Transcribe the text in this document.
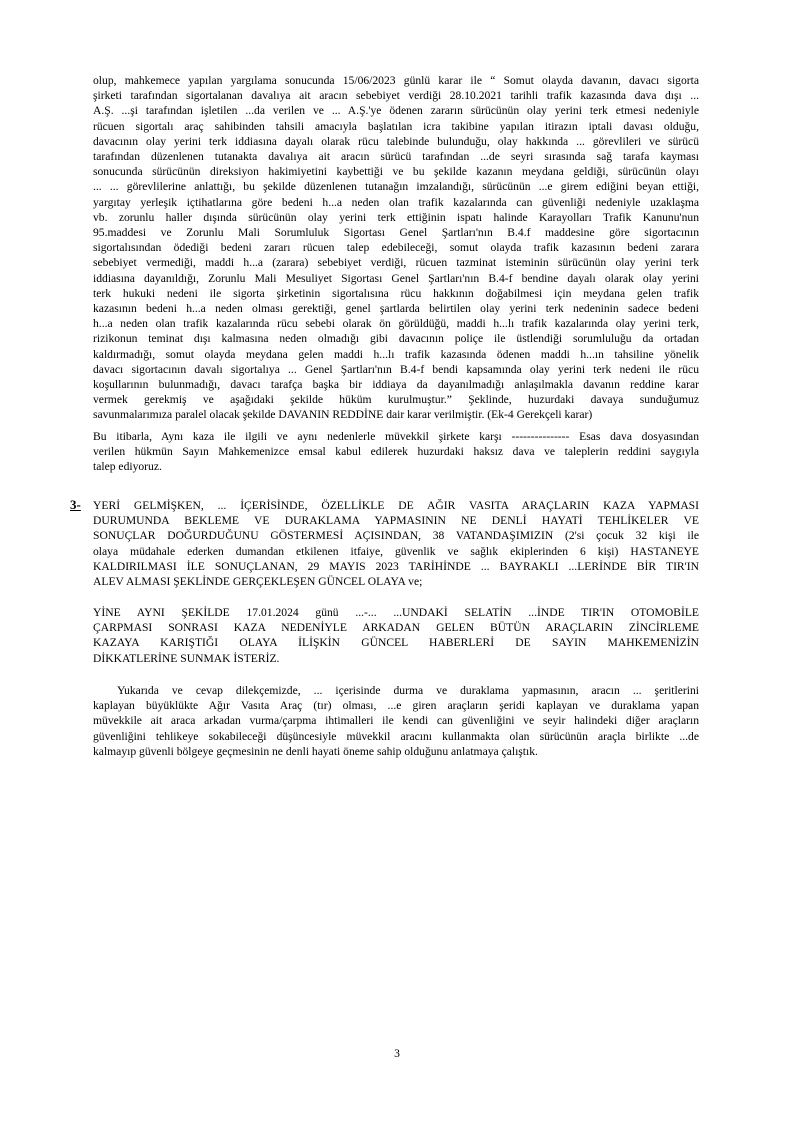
olup, mahkemece yapılan yargılama sonucunda 15/06/2023 günlü karar ile “ Somut olayda davanın, davacı sigorta
şirketi tarafından sigortalanan davalıya ait aracın sebebiyet verdiği 28.10.2021 tarihli trafik kazasında dava dışı ...
A.Ş. ...şi tarafından işletilen ...da verilen ve ... A.Ş.'ye ödenen zararın sürücünün olay yerini terk etmesi nedeniyle
rücuen sigortalı araç sahibinden tahsili amacıyla başlatılan icra takibine yapılan itirazın iptali davası olduğu,
davacının olay yerini terk iddiasına dayalı olarak rücu talebinde bulunduğu, olay hakkında ... görevlileri ve sürücü
tarafından düzenlenen tutanakta davalıya ait aracın sürücü tarafından ...de seyri sırasında sağ tarafa kayması
sonucunda sürücünün direksiyon hakimiyetini kaybettiği ve bu şekilde kazanın meydana geldiği, sürücünün olayı
... ... görevlilerine anlattığı, bu şekilde düzenlenen tutanağın imzalandığı, sürücünün ...e girem ediğini beyan ettiği,
yargıtay yerleşik içtihatlarına göre bedeni h...a neden olan trafik kazalarında can güvenliği nedeniyle uzaklaşma
vb. zorunlu haller dışında sürücünün olay yerini terk ettiğinin ispatı halinde Karayolları Trafik Kanunu'nun
95.maddesi ve Zorunlu Mali Sorumluluk Sigortası Genel Şartları'nın B.4.f maddesine göre sigortacının
sigortalısından ödediği bedeni zararı rücuen talep edebileceği, somut olayda trafik kazasının bedeni zarara
sebebiyet vermediği, maddi h...a (zarara) sebebiyet verdiği, rücuen tazminat isteminin sürücünün olay yerini terk
iddiasına dayanıldığı, Zorunlu Mali Mesuliyet Sigortası Genel Şartları'nın B.4-f bendine dayalı olarak olay yerini
terk hukuki nedeni ile sigorta şirketinin sigortalısına rücu hakkının doğabilmesi için meydana gelen trafik
kazasının bedeni h...a neden olması gerektiği, genel şartlarda belirtilen olay yerini terk nedeninin sadece bedeni
h...a neden olan trafik kazalarında rücu sebebi olarak ön görüldüğü, maddi h...lı trafik kazalarında olay yerini terk,
rizikonun teminat dışı kalmasına neden olmadığı gibi davacının poliçe ile üstlendiği sorumluluğu da ortadan
kaldırmadığı, somut olayda meydana gelen maddi h...lı trafik kazasında ödenen maddi h...ın tahsiline yönelik
davacı sigortacının davalı sigortalıya ... Genel Şartları'nın B.4-f bendi kapsamında olay yerini terk nedeni ile rücu
koşullarının bulunmadığı, davacı tarafça başka bir iddiaya da dayanılmadığı anlaşılmakla davanın reddine karar
vermek gerekmiş ve aşağıdaki şekilde hüküm kurulmuştur.” Şeklinde, huzurdaki davaya sunduğumuz
savunmalarımıza paralel olacak şekilde DAVANIN REDDİNE dair karar verilmiştir. (Ek-4 Gerekçeli karar)
Bu itibarla, Aynı kaza ile ilgili ve aynı nedenlerle müvekkil şirkete karşı --------------- Esas dava dosyasından
verilen hükmün Sayın Mahkemenizce emsal kabul edilerek huzurdaki haksız dava ve taleplerin reddini saygıyla
talep ediyoruz.
3- YERİ GELMİŞKEN, ... İÇERİSİNDE, ÖZELLİKLE DE AĞIR VASITA ARAÇLARIN KAZA YAPMASI
DURUMUNDA BEKLEME VE DURAKLAMA YAPMASININ NE DENLİ HAYATİ TEHLİKELER VE
SONUÇLAR DOĞURDUĞUNU GÖSTERMESİ AÇISINDAN, 38 VATANDAŞIMIZIN (2'si çocuk 32 kişi ile
olaya müdahale ederken dumandan etkilenen itfaiye, güvenlik ve sağlık ekiplerinden 6 kişi) HASTANEYE
KALDIRILMASI İLE SONUÇLANAN, 29 MAYIS 2023 TARİHİNDE ... BAYRAKLI ...LERİNDE BİR TIR'IN
ALEV ALMASI ŞEKLİNDE GERÇEKLEŞEN GÜNCEL OLAYA ve;
YİNE AYNI ŞEKİLDE 17.01.2024 günü ...-... ...UNDAKİ SELATİN ...İNDE TIR'IN OTOMOBİLE
ÇARPMASI SONRASI KAZA NEDENİYLE ARKADAN GELEN BÜTÜN ARAÇLARIN ZİNCİRLEME
KAZAYA KARIŞTIĞI OLAYA İLİŞKİN GÜNCEL HABERLERİ DE SAYIN MAHKEMENİZİN
DİKKATLERİNE SUNMAK İSTERİZ.
Yukarıda ve cevap dilekçemizde, ... içerisinde durma ve duraklama yapmasının, aracın ... şeritlerini
kaplayan büyüklükte Ağır Vasıta Araç (tır) olması, ...e giren araçların şeridi kaplayan ve duraklama yapan
müvekkile ait araca arkadan vurma/çarpma ihtimalleri ile kendi can güvenliğini ve seyir halindeki diğer araçların
güvenliğini tehlikeye sokabileceği düşüncesiyle müvekkil aracını kullanmakta olan sürücünün araçla birlikte ...de
kalmayıp güvenli bölgeye geçmesinin ne denli hayati öneme sahip olduğunu anlatmaya çalıştık.
3
